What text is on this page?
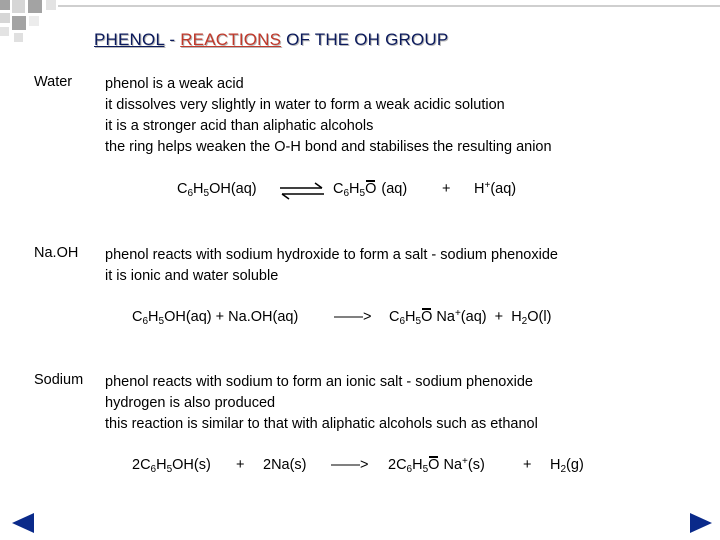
PHENOL - REACTIONS OF THE OH GROUP
Water phenol is a weak acid
it dissolves very slightly in water to form a weak acidic solution
it is a stronger acid than aliphatic alcohols
the ring helps weaken the O-H bond and stabilises the resulting anion
$C_6H_5OH(aq)$ ⇌ $C_6H_5O$ (aq) + H+(aq)
Na.OH phenol reacts with sodium hydroxide to form a salt - sodium phenoxide
it is ionic and water soluble
$C_6H_5OH(aq) + Na.OH(aq)$ ——> $C_6H_5O$ $Na^+(aq) + H_2O(l)$
Sodium phenol reacts with sodium to form an ionic salt - sodium phenoxide
hydrogen is also produced
this reaction is similar to that with aliphatic alcohols such as ethanol
$2C_6H_5OH(s) + 2Na(s)$ ——> $2C_6H_5O$ Na+(s)	+ $H_2(g)$
